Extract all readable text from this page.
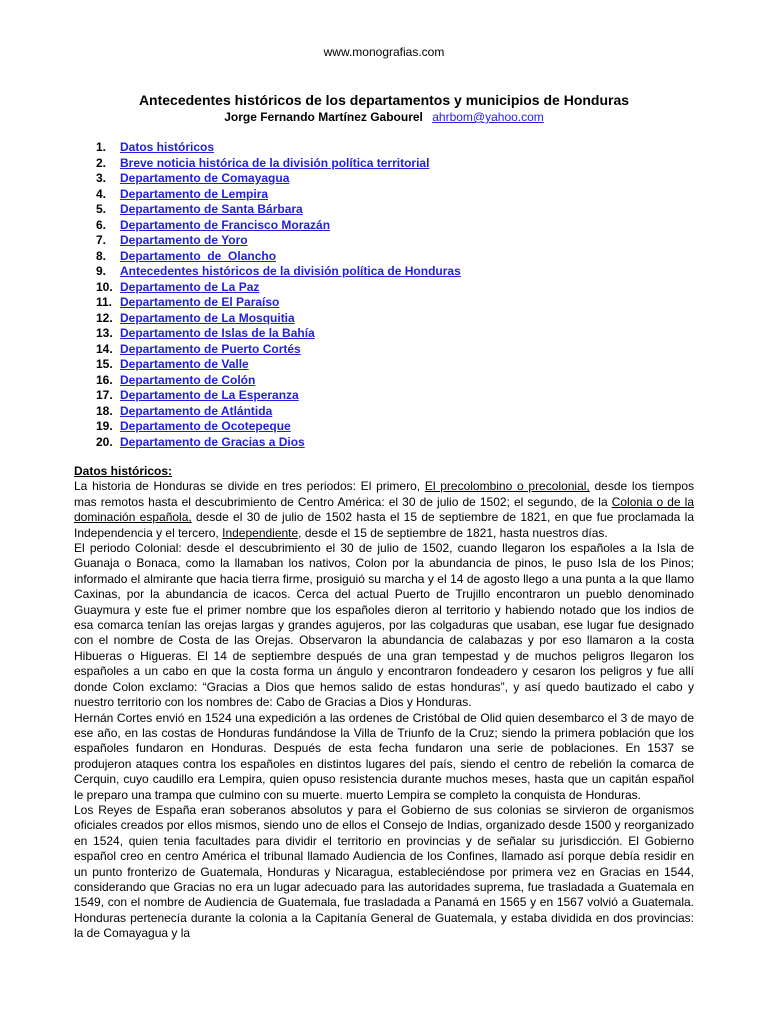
www.monografias.com
Antecedentes históricos de los departamentos y municipios de Honduras
Jorge Fernando Martínez Gabourel ahrbom@yahoo.com
1. Datos históricos
2. Breve noticia histórica de la división política territorial
3. Departamento de Comayagua
4. Departamento de Lempira
5. Departamento de Santa Bárbara
6. Departamento de Francisco Morazán
7. Departamento de Yoro
8. Departamento  de  Olancho
9. Antecedentes históricos de la división política de Honduras
10. Departamento de La Paz
11. Departamento de El Paraíso
12. Departamento de La Mosquitia
13. Departamento de Islas de la Bahía
14. Departamento de Puerto Cortés
15. Departamento de Valle
16. Departamento de Colón
17. Departamento de La Esperanza
18. Departamento de Atlántida
19. Departamento de Ocotepeque
20. Departamento de Gracias a Dios
Datos históricos:

La historia de Honduras se divide en tres periodos: El primero, El precolombino o precolonial, desde los tiempos mas remotos hasta el descubrimiento de Centro América: el 30 de julio de 1502; el segundo, de la Colonia o de la dominación española, desde el 30 de julio de 1502 hasta el 15 de septiembre de 1821, en que fue proclamada la Independencia y el tercero, Independiente, desde el 15 de septiembre de 1821, hasta nuestros días.

El periodo Colonial: desde el descubrimiento el 30 de julio de 1502, cuando llegaron los españoles a la Isla de Guanaja o Bonaca, como la llamaban los nativos, Colon por la abundancia de pinos, le puso Isla de los Pinos; informado el almirante que hacia tierra firme, prosiguió su marcha y el 14 de agosto llego a una punta a la que llamo Caxinas, por la abundancia de icacos. Cerca del actual Puerto de Trujillo encontraron un pueblo denominado Guaymura y este fue el primer nombre que los españoles dieron al territorio y habiendo notado que los indios de esa comarca tenían las orejas largas y grandes agujeros, por las colgaduras que usaban, ese lugar fue designado con el nombre de Costa de las Orejas. Observaron la abundancia de calabazas y por eso llamaron a la costa Hibueras o Higueras. El 14 de septiembre después de una gran tempestad y de muchos peligros llegaron los españoles a un cabo en que la costa forma un ángulo y encontraron fondeadero y cesaron los peligros y fue allí donde Colon exclamo: “Gracias a Dios que hemos salido de estas honduras”, y así quedo bautizado el cabo y nuestro territorio con los nombres de: Cabo de Gracias a Dios y Honduras.

Hernán Cortes envió en 1524 una expedición a las ordenes de Cristóbal de Olid quien desembarco el 3 de mayo de ese año, en las costas de Honduras fundándose la Villa de Triunfo de la Cruz; siendo la primera población que los españoles fundaron en Honduras. Después de esta fecha fundaron una serie de poblaciones. En 1537 se produjeron ataques contra los españoles en distintos lugares del país, siendo el centro de rebelión la comarca de Cerquin, cuyo caudillo era Lempira, quien opuso resistencia durante muchos meses, hasta que un capitán español le preparo una trampa que culmino con su muerte. muerto Lempira se completo la conquista de Honduras.

Los Reyes de España eran soberanos absolutos y para el Gobierno de sus colonias se sirvieron de organismos oficiales creados por ellos mismos, siendo uno de ellos el Consejo de Indias, organizado desde 1500 y reorganizado en 1524, quien tenia facultades para dividir el territorio en provincias y de señalar su jurisdicción. El Gobierno español creo en centro América el tribunal llamado Audiencia de los Confines, llamado así porque debía residir en un punto fronterizo de Guatemala, Honduras y Nicaragua, estableciéndose por primera vez en Gracias en 1544, considerando que Gracias no era un lugar adecuado para las autoridades suprema, fue trasladada a Guatemala en 1549, con el nombre de Audiencia de Guatemala, fue trasladada a Panamá en 1565 y en 1567 volvió a Guatemala. Honduras pertenecía durante la colonia a la Capitanía General de Guatemala, y estaba dividida en dos provincias: la de Comayagua y la
